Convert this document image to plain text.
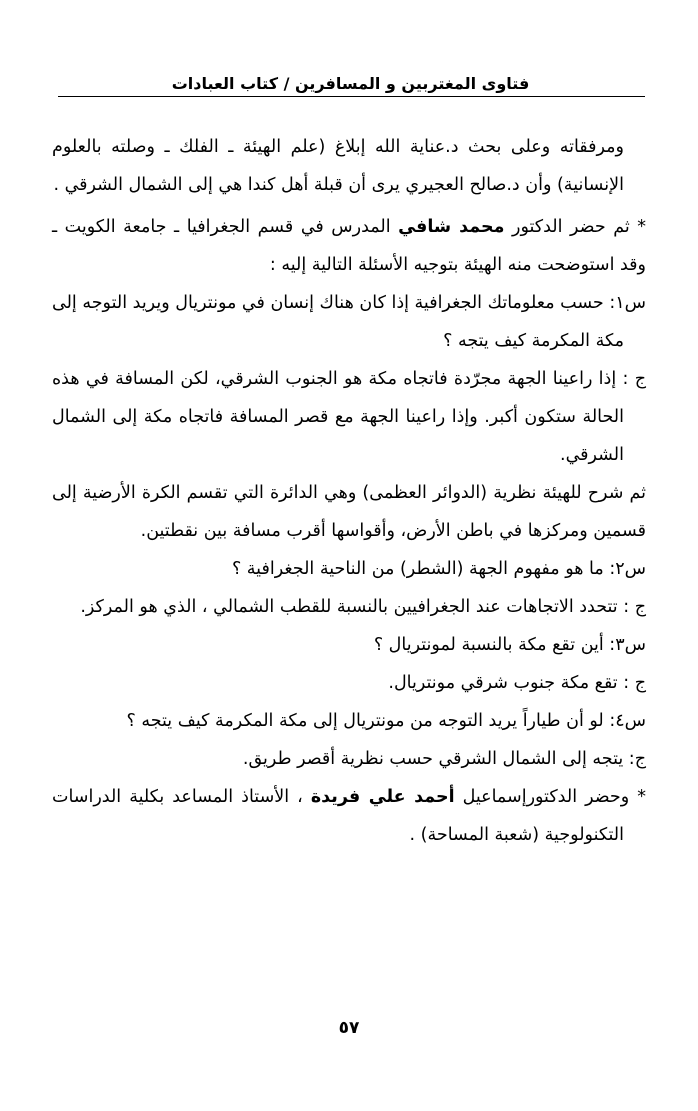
فتاوى المغتربين و المسافرين / كتاب العبادات

ومرفقاته وعلى بحث د.عناية الله إبلاغ (علم الهيئة ـ الفلك ـ وصلته بالعلوم الإنسانية) وأن د.صالح العجيري يرى أن قبلة أهل كندا هي إلى الشمال الشرقي .

* ثم حضر الدكتور محمد شافي المدرس في قسم الجغرافيا ـ جامعة الكويت ـ وقد استوضحت منه الهيئة بتوجيه الأسئلة التالية إليه :

س١: حسب معلوماتك الجغرافية إذا كان هناك إنسان في مونتريال ويريد التوجه إلى مكة المكرمة كيف يتجه ؟

ج : إذا راعينا الجهة مجرّدة فاتجاه مكة هو الجنوب الشرقي، لكن المسافة في هذه الحالة ستكون أكبر. وإذا راعينا الجهة مع قصر المسافة فاتجاه مكة إلى الشمال الشرقي.

ثم شرح للهيئة نظرية (الدوائر العظمى) وهي الدائرة التي تقسم الكرة الأرضية إلى قسمين ومركزها في باطن الأرض، وأقواسها أقرب مسافة بين نقطتين.

س٢: ما هو مفهوم الجهة (الشطر) من الناحية الجغرافية ؟

ج : تتحدد الاتجاهات عند الجغرافيين بالنسبة للقطب الشمالي ، الذي هو المركز.

س٣: أين تقع مكة بالنسبة لمونتريال ؟

ج : تقع مكة جنوب شرقي مونتريال.

س٤: لو أن طياراً يريد التوجه من مونتريال إلى مكة المكرمة كيف يتجه ؟

ج: يتجه إلى الشمال الشرقي حسب نظرية أقصر طريق.

* وحضر الدكتورإسماعيل أحمد علي فريدة ، الأستاذ المساعد بكلية الدراسات التكنولوجية (شعبة المساحة) .

٥٧
